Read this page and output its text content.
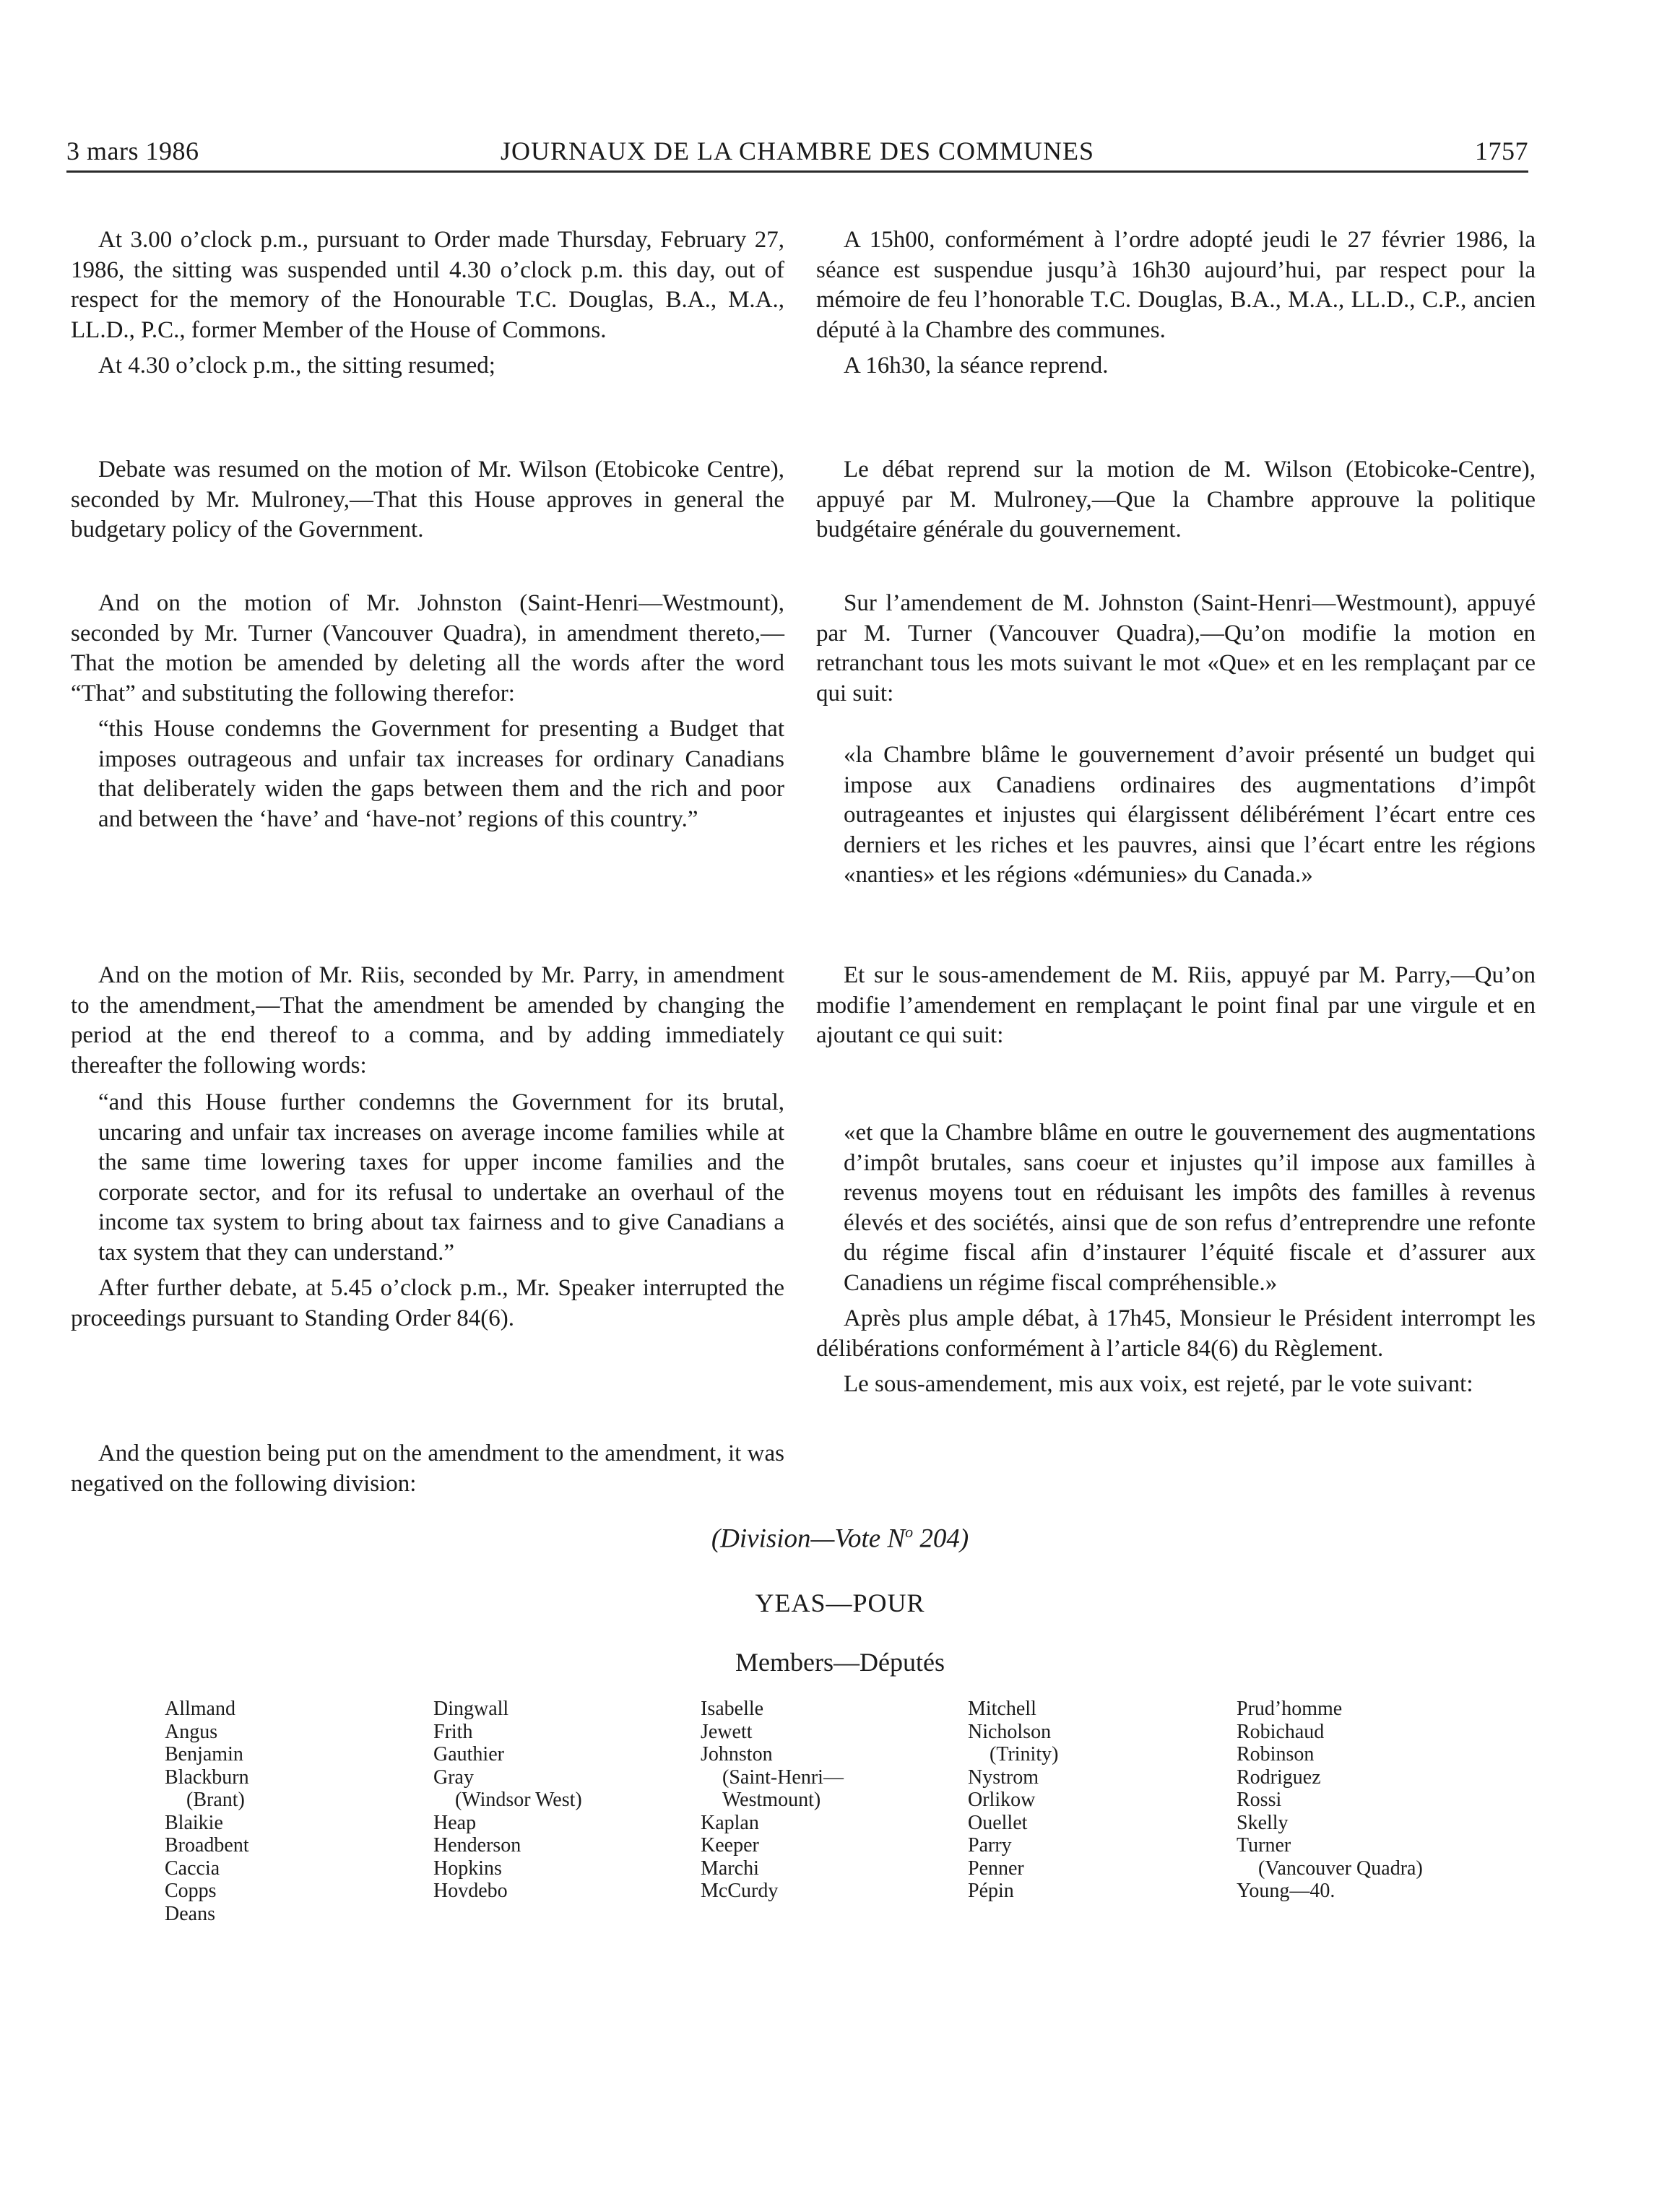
3 mars 1986	JOURNAUX DE LA CHAMBRE DES COMMUNES	1757

At 3.00 o’clock p.m., pursuant to Order made Thursday, February 27, 1986, the sitting was suspended until 4.30 o’clock p.m. this day, out of respect for the memory of the Honourable T.C. Douglas, B.A., M.A., LL.D., P.C., former Member of the House of Commons.

At 4.30 o’clock p.m., the sitting resumed;

Debate was resumed on the motion of Mr. Wilson (Etobicoke Centre), seconded by Mr. Mulroney,—That this House approves in general the budgetary policy of the Government.

And on the motion of Mr. Johnston (Saint-Henri—Westmount), seconded by Mr. Turner (Vancouver Quadra), in amendment thereto,—That the motion be amended by deleting all the words after the word “That” and substituting the following therefor:

“this House condemns the Government for presenting a Budget that imposes outrageous and unfair tax increases for ordinary Canadians that deliberately widen the gaps between them and the rich and poor and between the ‘have’ and ‘have-not’ regions of this country.”

And on the motion of Mr. Riis, seconded by Mr. Parry, in amendment to the amendment,—That the amendment be amended by changing the period at the end thereof to a comma, and by adding immediately thereafter the following words:

“and this House further condemns the Government for its brutal, uncaring and unfair tax increases on average income families while at the same time lowering taxes for upper income families and the corporate sector, and for its refusal to undertake an overhaul of the income tax system to bring about tax fairness and to give Canadians a tax system that they can understand.”

After further debate, at 5.45 o’clock p.m., Mr. Speaker interrupted the proceedings pursuant to Standing Order 84(6).

And the question being put on the amendment to the amendment, it was negatived on the following division:

A 15h00, conformément à l’ordre adopté jeudi le 27 février 1986, la séance est suspendue jusqu’à 16h30 aujourd’hui, par respect pour la mémoire de feu l’honorable T.C. Douglas, B.A., M.A., LL.D., C.P., ancien député à la Chambre des communes.

A 16h30, la séance reprend.

Le débat reprend sur la motion de M. Wilson (Etobicoke-Centre), appuyé par M. Mulroney,—Que la Chambre approuve la politique budgétaire générale du gouvernement.

Sur l’amendement de M. Johnston (Saint-Henri—Westmount), appuyé par M. Turner (Vancouver Quadra),—Qu’on modifie la motion en retranchant tous les mots suivant le mot «Que» et en les remplaçant par ce qui suit:

«la Chambre blâme le gouvernement d’avoir présenté un budget qui impose aux Canadiens ordinaires des augmentations d’impôt outrageantes et injustes qui élargissent délibérément l’écart entre ces derniers et les riches et les pauvres, ainsi que l’écart entre les régions «nanties» et les régions «démunies» du Canada.»

Et sur le sous-amendement de M. Riis, appuyé par M. Parry,—Qu’on modifie l’amendement en remplaçant le point final par une virgule et en ajoutant ce qui suit:

«et que la Chambre blâme en outre le gouvernement des augmentations d’impôt brutales, sans coeur et injustes qu’il impose aux familles à revenus moyens tout en réduisant les impôts des familles à revenus élevés et des sociétés, ainsi que de son refus d’entreprendre une refonte du régime fiscal afin d’instaurer l’équité fiscale et d’assurer aux Canadiens un régime fiscal compréhensible.»

Après plus ample débat, à 17h45, Monsieur le Président interrompt les délibérations conformément à l’article 84(6) du Règlement.

Le sous-amendement, mis aux voix, est rejeté, par le vote suivant:

(Division—Vote $N^o$ 204)
YEAS—POUR
Members—Députés
Allmand
Angus
Benjamin
Blackburn
(Brant)
Blaikie
Broadbent
Caccia
Copps
Deans
Dingwall
Frith
Gauthier
Gray
(Windsor West)
Heap
Henderson
Hopkins
Hovdebo
Isabelle
Jewett
Johnston
(Saint-Henri—
Westmount)
Kaplan
Keeper
Marchi
McCurdy
Mitchell
Nicholson
(Trinity)
Nystrom
Orlikow
Ouellet
Parry
Penner
Pépin
Prud’homme
Robichaud
Robinson
Rodriguez
Rossi
Skelly
Turner
(Vancouver Quadra)
Young—40.
